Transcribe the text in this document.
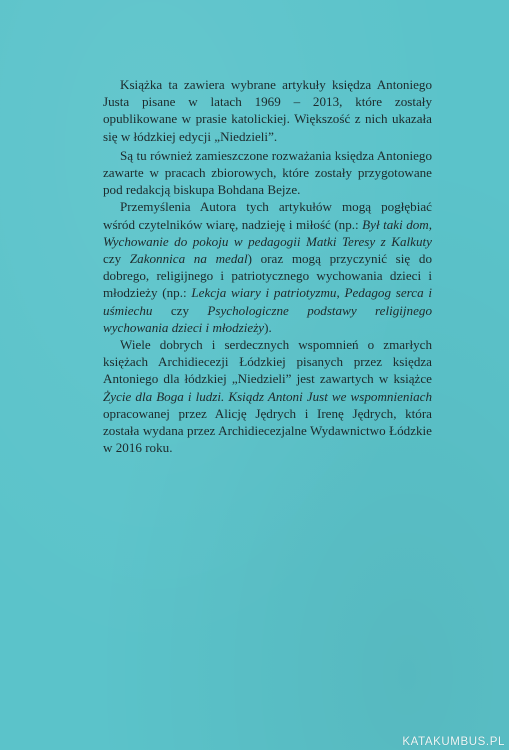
Książka ta zawiera wybrane artykuły księdza Antoniego Justa pisane w latach 1969 – 2013, które zostały opublikowane w prasie katolickiej. Większość z nich ukazała się w łódzkiej edycji „Niedzieli”.

Są tu również zamieszczone rozważania księdza Antoniego zawarte w pracach zbiorowych, które zostały przygotowane pod redakcją biskupa Bohdana Bejze.

Przemyślenia Autora tych artykułów mogą pogłębiać wśród czytelników wiarę, nadzieję i miłość (np.: Był taki dom, Wychowanie do pokoju w pedagogii Matki Teresy z Kalkuty czy Zakonnica na medal) oraz mogą przyczynić się do dobrego, religijnego i patriotycznego wychowania dzieci i młodzieży (np.: Lekcja wiary i patriotyzmu, Pedagog serca i uśmiechu czy Psychologiczne podstawy religijnego wychowania dzieci i młodzieży).

Wiele dobrych i serdecznych wspomnień o zmarłych księżach Archidiecezji Łódzkiej pisanych przez księdza Antoniego dla łódzkiej „Niedzieli” jest zawartych w książce Życie dla Boga i ludzi. Ksiądz Antoni Just we wspomnieniach opracowanej przez Alicję Jędrych i Irenę Jędrych, która została wydana przez Archidiecezjalne Wydawnictwo Łódzkie w 2016 roku.

KATAKUMBUS.PL
